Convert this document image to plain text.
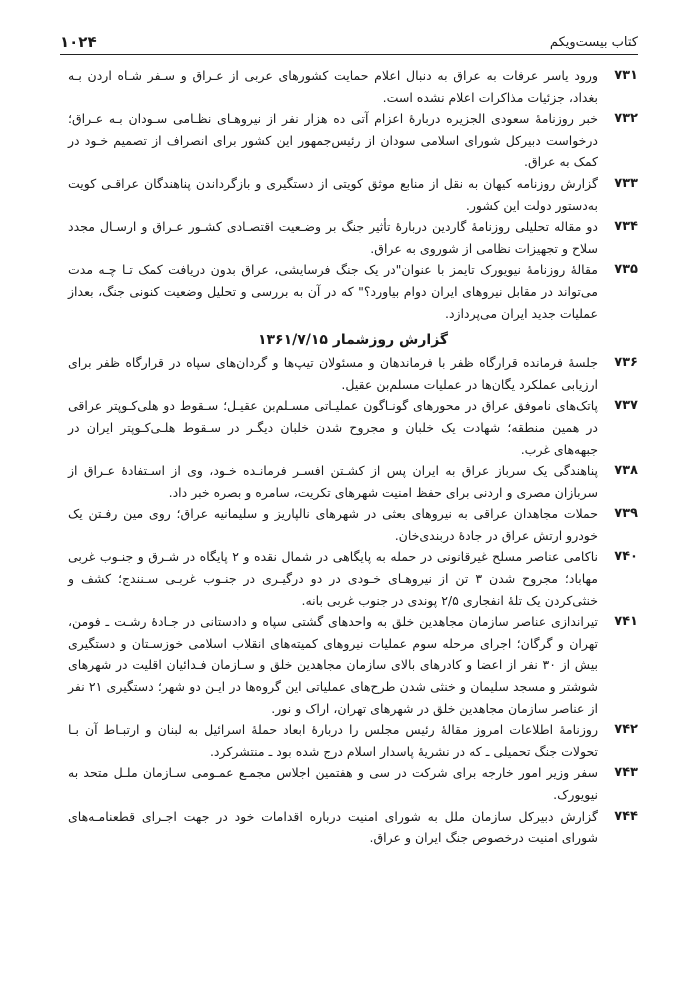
کتاب بیست‌ویکم
۱۰۲۴
۷۳۱
ورود یاسر عرفات به عراق به دنبال اعلام حمایت کشورهای عربی از عـراق و سـفر شـاه اردن بـه بغداد، جزئیات مذاکرات اعلام نشده است.
۷۳۲
خبر روزنامهٔ سعودی الجزیره دربارهٔ اعزام آتی ده هزار نفر از نیروهـای نظـامی سـودان بـه عـراق؛ درخواست دبیرکل شورای اسلامی سودان از رئیس‌جمهور این کشور برای انصراف از تصمیم خـود در کمک به عراق.
۷۳۳
گزارش روزنامه کیهان به نقل از منابع موثق کویتی از دستگیری و بازگرداندن پناهندگان عراقـی کویت به‌دستور دولت این کشور.
۷۳۴
دو مقاله تحلیلی روزنامهٔ گاردین دربارهٔ تأثیر جنگ بر وضـعیت اقتصـادی کشـور عـراق و ارسـال مجدد سلاح و تجهیزات نظامی از شوروی به عراق.
۷۳۵
مقالهٔ روزنامهٔ نیویورک تایمز با عنوان"در یک جنگ فرسایشی، عراق بدون دریافت کمک تـا چـه مدت می‌تواند در مقابل نیروهای ایران دوام بیاورد؟" که در آن به بررسی و تحلیل وضعیت کنونی جنگ، بعداز عملیات جدید ایران می‌پردازد.
گزارش روزشمار ۱۳۶۱/۷/۱۵
۷۳۶
جلسهٔ فرمانده قرارگاه ظفر با فرماندهان و مسئولان تیپ‌ها و گردان‌های سپاه در قرارگاه ظفر برای ارزیابی عملکرد یگان‌ها در عملیات مسلم‌بن عقیل.
۷۳۷
پاتک‌های ناموفق عراق در محورهای گونـاگون عملیـاتی مسـلم‌بن عقیـل؛ سـقوط دو هلی‌کـوپتر عراقی در همین منطقه؛ شهادت یک خلبان و مجروح شدن خلبان دیگـر در سـقوط هلـی‌کـوپتر ایران در جبهه‌های غرب.
۷۳۸
پناهندگی یک سرباز عراق به ایران پس از کشـتن افسـر فرمانـده خـود، وی از اسـتفادهٔ عـراق از سربازان مصری و اردنی برای حفظ امنیت شهرهای تکریت، سامره و بصره خبر داد.
۷۳۹
حملات مجاهدان عراقی به نیروهای بعثی در شهرهای نالپاریز و سلیمانیه عراق؛ روی مین رفـتن یک خودرو ارتش عراق در جادهٔ دربندی‌خان.
۷۴۰
ناکامی عناصر مسلح غیرقانونی در حمله به پایگاهی در شمال نقده و ۲ پایگاه در شـرق و جنـوب غربی مهاباد؛ مجروح شدن ۳ تن از نیروهـای خـودی در دو درگیـری در جنـوب غربـی سـنندج؛ کشف و خنثی‌کردن یک تلهٔ انفجاری ۲/۵ پوندی در جنوب غربی بانه.
۷۴۱
تیراندازی عناصر سازمان مجاهدین خلق به واحدهای گشتی سپاه و دادستانی در جـادهٔ رشـت ـ فومن، تهران و گرگان؛ اجرای مرحله سوم عملیات نیروهای کمیته‌های انقلاب اسلامی خوزسـتان و دستگیری بیش از ۳۰ نفر از اعضا و کادرهای بالای سازمان مجاهدین خلق و سـازمان فـدائیان اقلیت در شهرهای شوشتر و مسجد سلیمان و خنثی شدن طرح‌های عملیاتی این گروه‌ها در ایـن دو شهر؛ دستگیری ۲۱ نفر از عناصر سازمان مجاهدین خلق در شهرهای تهران، اراک و نور.
۷۴۲
روزنامهٔ اطلاعات امروز مقالهٔ رئیس مجلس را دربارهٔ ابعاد حملهٔ اسرائیل به لبنان و ارتبـاط آن بـا تحولات جنگ تحمیلی ـ که در نشریهٔ پاسدار اسلام درج شده بود ـ منتشرکرد.
۷۴۳
سفر وزیر امور خارجه برای شرکت در سی و هفتمین اجلاس مجمـع عمـومی سـازمان ملـل متحد به نیویورک.
۷۴۴
گزارش دبیرکل سازمان ملل به شورای امنیت درباره اقدامات خود در جهت اجـرای قطعنامـه‌های شورای امنیت درخصوص جنگ ایران و عراق.
